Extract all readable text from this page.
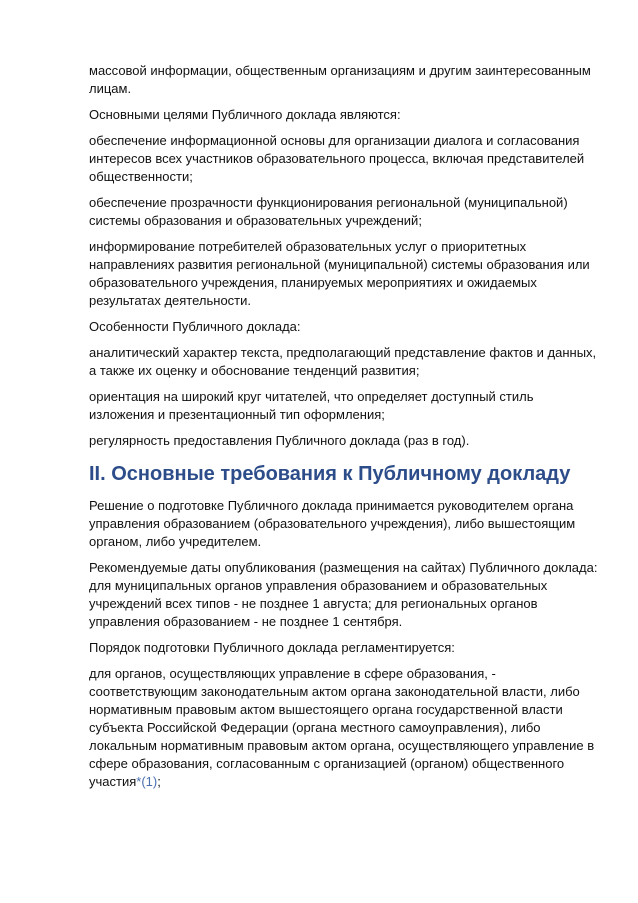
массовой информации, общественным организациям и другим заинтересованным лицам.

Основными целями Публичного доклада являются:

обеспечение информационной основы для организации диалога и согласования интересов всех участников образовательного процесса, включая представителей общественности;

обеспечение прозрачности функционирования региональной (муниципальной) системы образования и образовательных учреждений;

информирование потребителей образовательных услуг о приоритетных направлениях развития региональной (муниципальной) системы образования или образовательного учреждения, планируемых мероприятиях и ожидаемых результатах деятельности.

Особенности Публичного доклада:

аналитический характер текста, предполагающий представление фактов и данных, а также их оценку и обоснование тенденций развития;

ориентация на широкий круг читателей, что определяет доступный стиль изложения и презентационный тип оформления;

регулярность предоставления Публичного доклада (раз в год).

II. Основные требования к Публичному докладу

Решение о подготовке Публичного доклада принимается руководителем органа управления образованием (образовательного учреждения), либо вышестоящим органом, либо учредителем.

Рекомендуемые даты опубликования (размещения на сайтах) Публичного доклада: для муниципальных органов управления образованием и образовательных учреждений всех типов - не позднее 1 августа; для региональных органов управления образованием - не позднее 1 сентября.

Порядок подготовки Публичного доклада регламентируется:

для органов, осуществляющих управление в сфере образования, - соответствующим законодательным актом органа законодательной власти, либо нормативным правовым актом вышестоящего органа государственной власти субъекта Российской Федерации (органа местного самоуправления), либо локальным нормативным правовым актом органа, осуществляющего управление в сфере образования, согласованным с организацией (органом) общественного участия*(1);
